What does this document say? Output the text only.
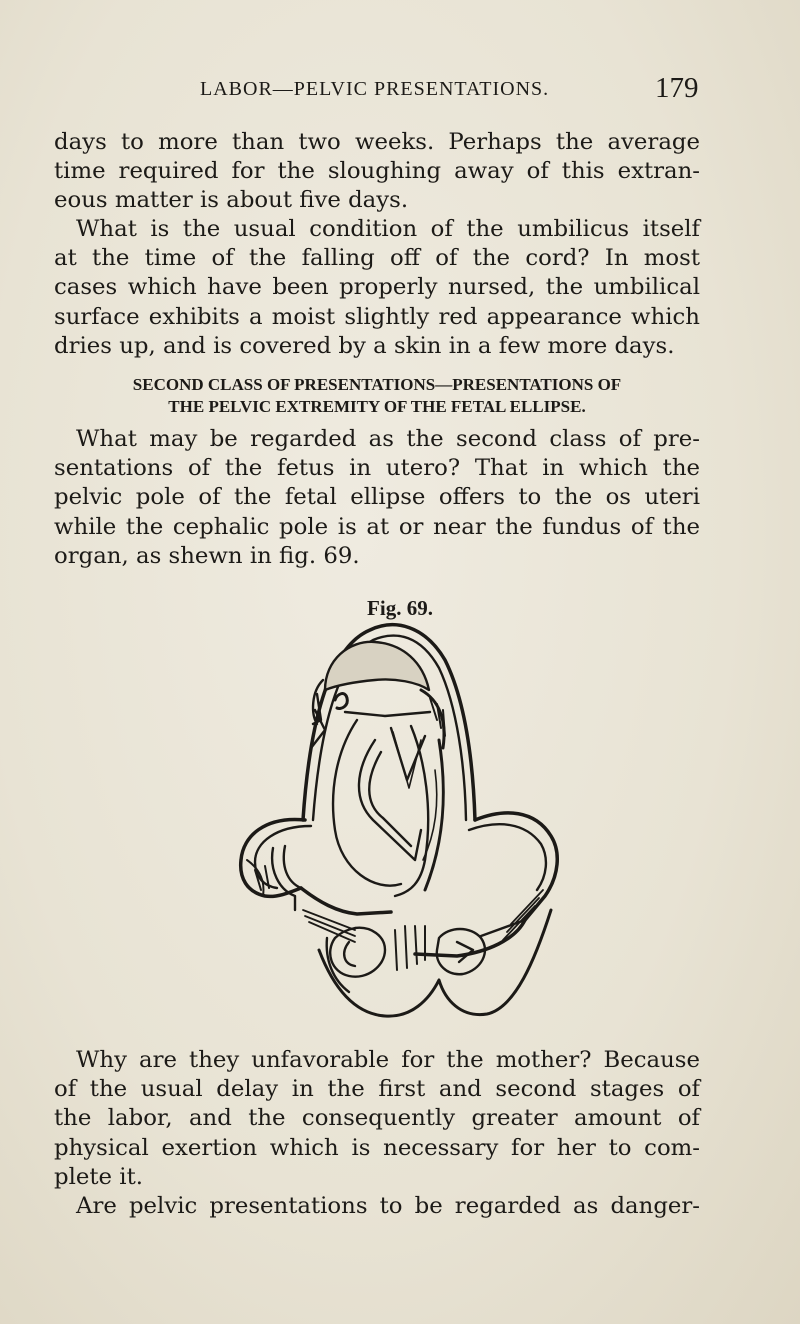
LABOR—PELVIC PRESENTATIONS.	179

days to more than two weeks. Perhaps the average
time required for the sloughing away of this extran-
eous matter is about five days.

What is the usual condition of the umbilicus itself
at the time of the falling off of the cord? In most
cases which have been properly nursed, the umbilical
surface exhibits a moist slightly red appearance which
dries up, and is covered by a skin in a few more days.

SECOND CLASS OF PRESENTATIONS—PRESENTATIONS OF
THE PELVIC EXTREMITY OF THE FETAL ELLIPSE.

What may be regarded as the second class of pre-
sentations of the fetus in utero? That in which the
pelvic pole of the fetal ellipse offers to the os uteri
while the cephalic pole is at or near the fundus of the
organ, as shewn in fig. 69.

Fig. 69.

Why are they unfavorable for the mother? Because
of the usual delay in the first and second stages of
the labor, and the consequently greater amount of
physical exertion which is necessary for her to com-
plete it.

Are pelvic presentations to be regarded as danger-
